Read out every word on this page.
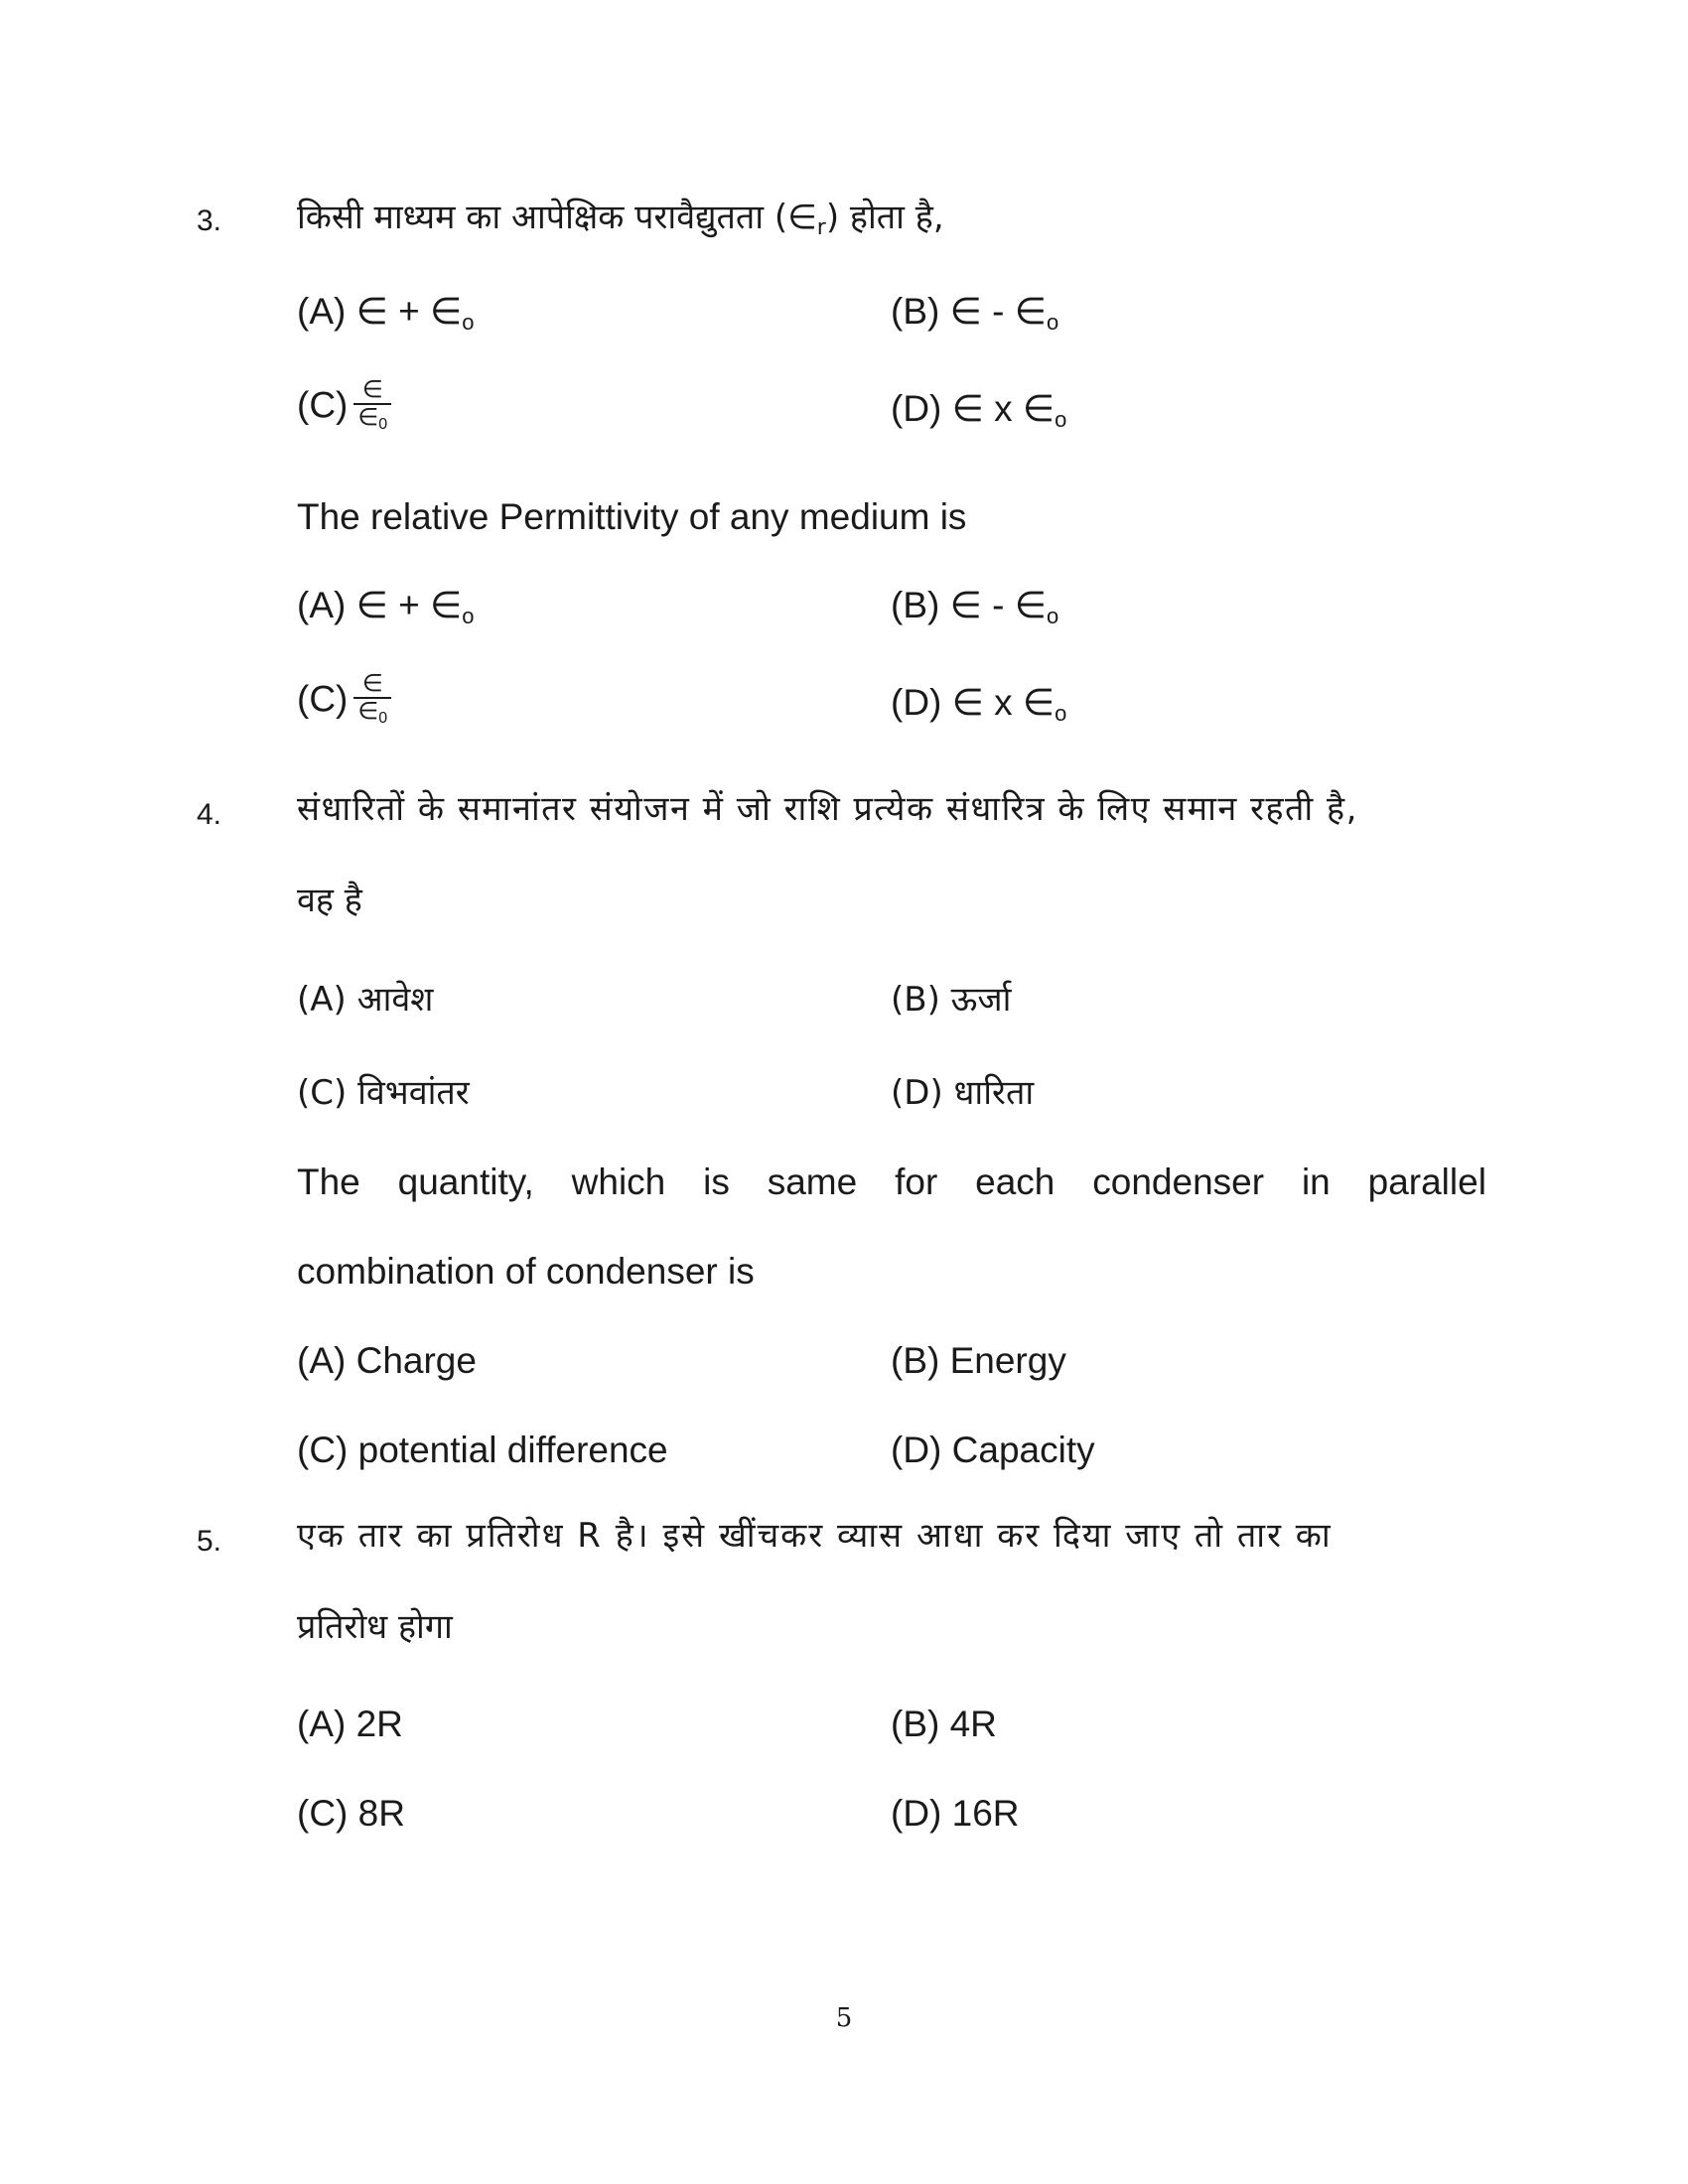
3. किसी माध्यम का आपेक्षिक परावैद्युतता $(\in_r)$ होता है,
(A) ∈ + $\in_o$	(B) ∈ - $\in_o$
$(C) \frac{\in}{\in_0}$	(D) ∈ x $\in_o$
The relative Permittivity of any medium is
(A) ∈ + $\in_o$	(B) ∈ - $\in_o$
$(C) \frac{\in}{\in_0}$	(D) ∈ x $\in_o$
4. संधारितों के समानांतर संयोजन में जो राशि प्रत्येक संधारित्र के लिए समान रहती है,
वह है
(A) आवेश	(B) ऊर्जा
(C) विभवांतर	(D) धारिता
The quantity, which is same for each condenser in parallel
combination of condenser is
(A) Charge	(B) Energy
(C) potential difference	(D) Capacity
5. एक तार का प्रतिरोध R है। इसे खींचकर व्यास आधा कर दिया जाए तो तार का
प्रतिरोध होगा
(A) 2R	(B) 4R
(C) 8R	(D) 16R
5
